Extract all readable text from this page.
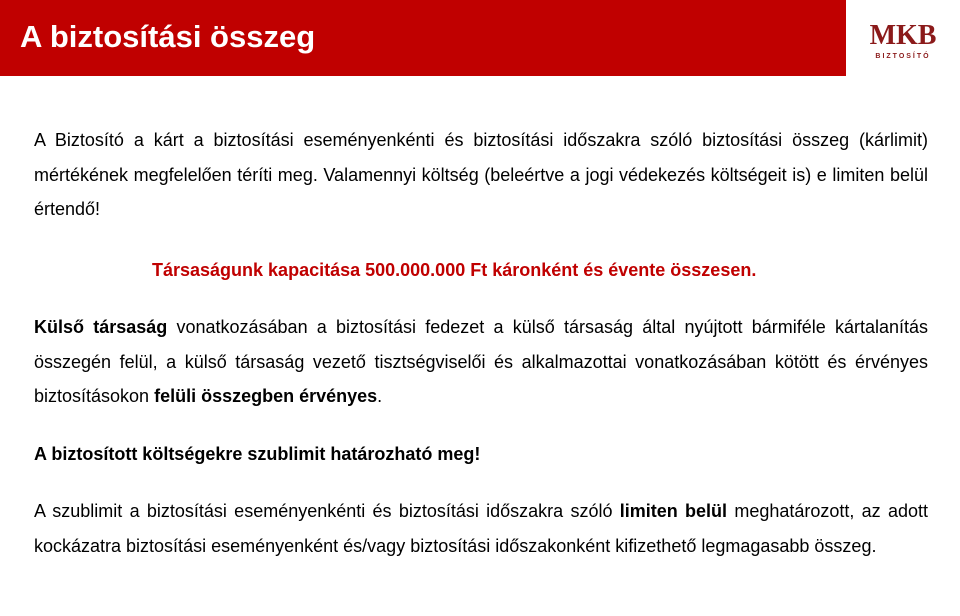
A biztosítási összeg	MKB
BIZTOSÍTÓ

A Biztosító a kárt a biztosítási eseményenkénti és biztosítási időszakra szóló biztosítási összeg (kárlimit) mértékének megfelelően téríti meg. Valamennyi költség (beleértve a jogi védekezés költségeit is) e limiten belül értendő!

Társaságunk kapacitása 500.000.000 Ft káronként és évente összesen.

Külső társaság vonatkozásában a biztosítási fedezet a külső társaság által nyújtott bármiféle kártalanítás összegén felül, a külső társaság vezető tisztségviselői és alkalmazottai vonatkozásában kötött és érvényes biztosításokon felüli összegben érvényes.

A biztosított költségekre szublimit határozható meg!

A szublimit a biztosítási eseményenkénti és biztosítási időszakra szóló limiten belül meghatározott, az adott kockázatra biztosítási eseményenként és/vagy biztosítási időszakonként kifizethető legmagasabb összeg.
